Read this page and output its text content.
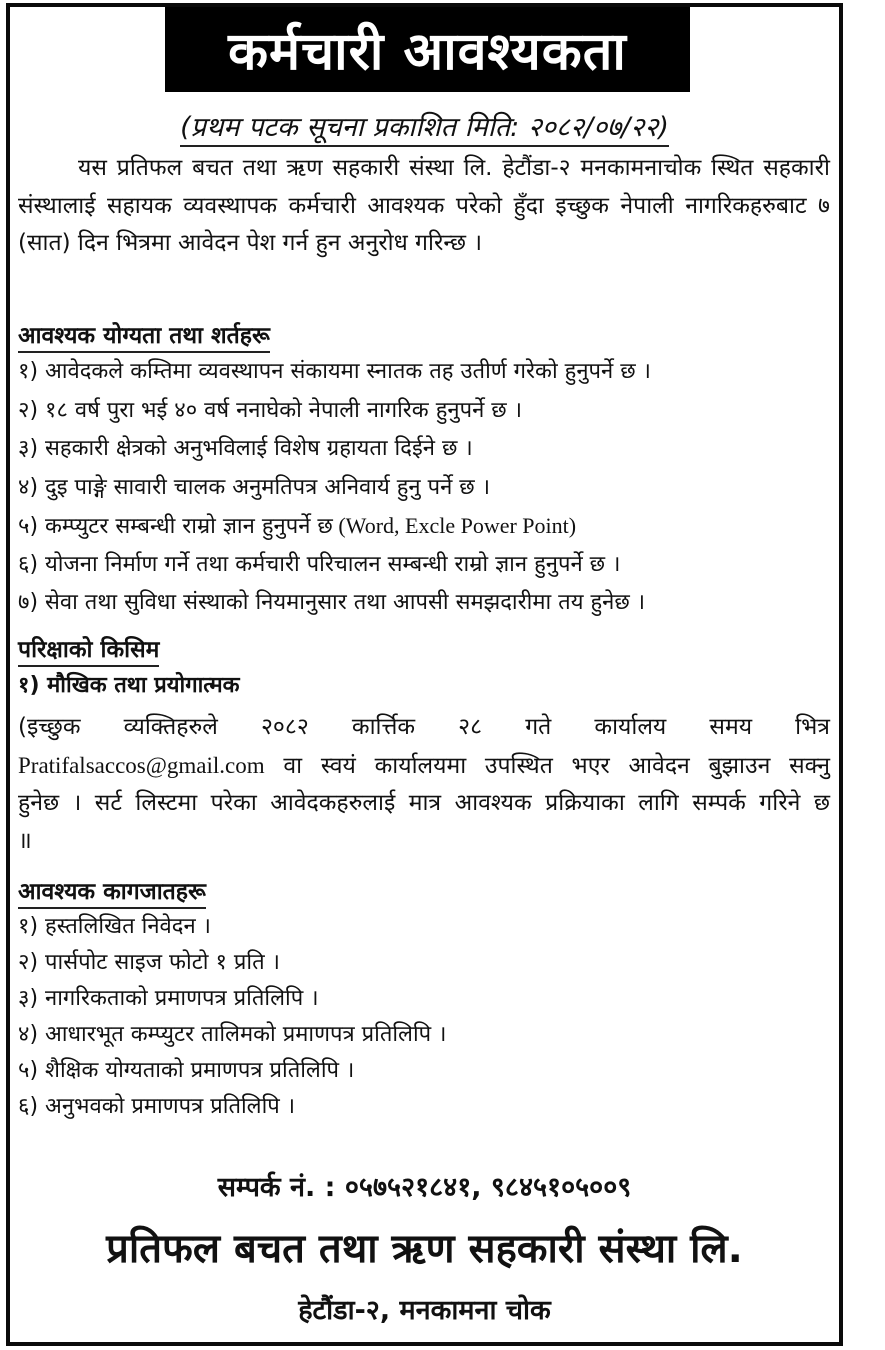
कर्मचारी आवश्यकता
(प्रथम पटक सूचना प्रकाशित मिति: २०८२/०७/२२)

यस प्रतिफल बचत तथा ऋण सहकारी संस्था लि. हेटौंडा-२ मनकामनाचोक स्थित सहकारी संस्थालाई सहायक व्यवस्थापक कर्मचारी आवश्यक परेको हुँदा इच्छुक नेपाली नागरिकहरुबाट ७ (सात) दिन भित्रमा आवेदन पेश गर्न हुन अनुरोध गरिन्छ ।

आवश्यक योग्यता तथा शर्तहरू
१) आवेदकले कम्तिमा व्यवस्थापन संकायमा स्नातक तह उतीर्ण गरेको हुनुपर्ने छ ।
२) १८ वर्ष पुरा भई ४० वर्ष ननाघेको नेपाली नागरिक हुनुपर्ने छ ।
३) सहकारी क्षेत्रको अनुभविलाई विशेष ग्रहायता दिईने छ ।
४) दुइ पाङ्गे सावारी चालक अनुमतिपत्र अनिवार्य हुनु पर्ने छ ।
५) कम्प्युटर सम्बन्धी राम्रो ज्ञान हुनुपर्ने छ (Word, Excle Power Point)
६) योजना निर्माण गर्ने तथा कर्मचारी परिचालन सम्बन्धी राम्रो ज्ञान हुनुपर्ने छ ।
७) सेवा तथा सुविधा संस्थाको नियमानुसार तथा आपसी समझदारीमा तय हुनेछ ।
परिक्षाको किसिम
१) मौखिक तथा प्रयोगात्मक

(इच्छुक व्यक्तिहरुले २०८२ कार्त्तिक २८ गते कार्यालय समय भित्र Pratifalsaccos@gmail.com वा स्वयं कार्यालयमा उपस्थित भएर आवेदन बुझाउन सक्नु हुनेछ । सर्ट लिस्टमा परेका आवेदकहरुलाई मात्र आवश्यक प्रक्रियाका लागि सम्पर्क गरिने छ ॥

आवश्यक कागजातहरू
१) हस्तलिखित निवेदन ।
२) पार्सपोट साइज फोटो १ प्रति ।
३) नागरिकताको प्रमाणपत्र प्रतिलिपि ।
४) आधारभूत कम्प्युटर तालिमको प्रमाणपत्र प्रतिलिपि ।
५) शैक्षिक योग्यताको प्रमाणपत्र प्रतिलिपि ।
६) अनुभवको प्रमाणपत्र प्रतिलिपि ।
सम्पर्क नं. : ०५७५२१८४१, ९८४५१०५००९
प्रतिफल बचत तथा ऋण सहकारी संस्था लि.
हेटौंडा-२, मनकामना चोक
